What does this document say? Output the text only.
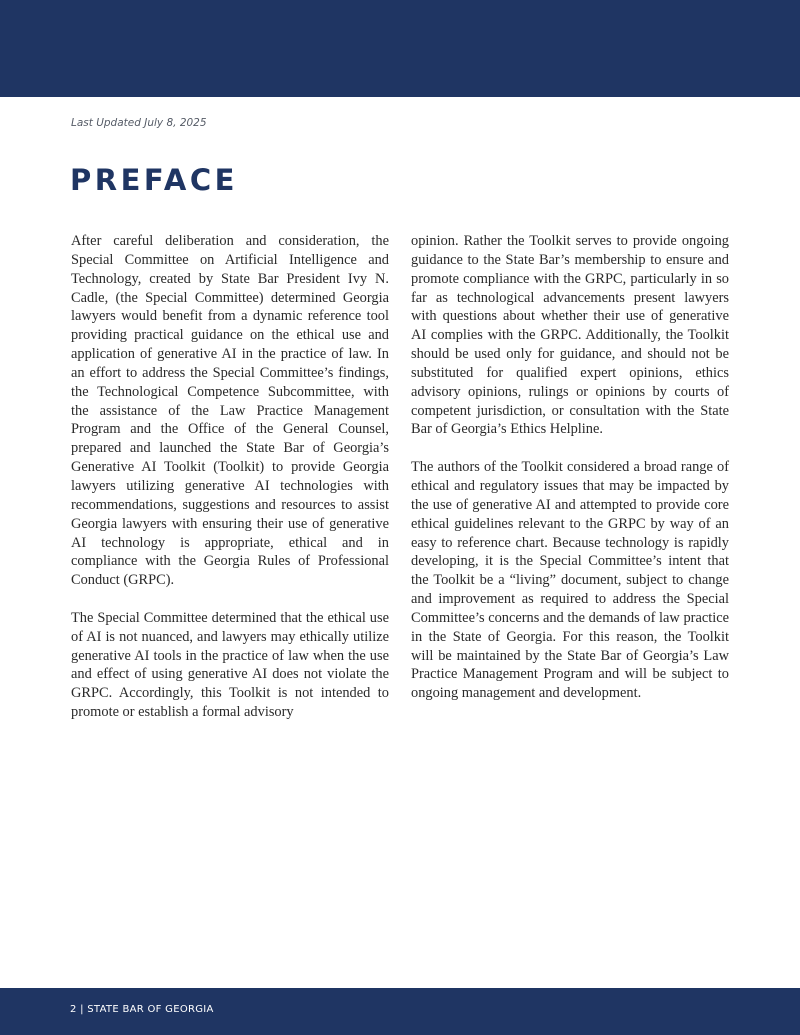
Last Updated July 8, 2025

PREFACE

After careful deliberation and consideration, the Special Committee on Artificial Intelligence and Technology, created by State Bar President Ivy N. Cadle, (the Special Committee) determined Georgia lawyers would benefit from a dynamic reference tool providing practical guidance on the ethical use and application of generative AI in the practice of law. In an effort to address the Special Committee’s findings, the Technological Competence Subcommittee, with the assistance of the Law Practice Management Program and the Office of the General Counsel, prepared and launched the State Bar of Georgia’s Generative AI Toolkit (Toolkit) to provide Georgia lawyers utilizing generative AI technologies with recommendations, suggestions and resources to assist Georgia lawyers with ensuring their use of generative AI technology is appropriate, ethical and in compliance with the Georgia Rules of Professional Conduct (GRPC).

The Special Committee determined that the ethical use of AI is not nuanced, and lawyers may ethically utilize generative AI tools in the practice of law when the use and effect of using generative AI does not violate the GRPC. Accordingly, this Toolkit is not intended to promote or establish a formal advisory

opinion. Rather the Toolkit serves to provide ongoing guidance to the State Bar’s membership to ensure and promote compliance with the GRPC, particularly in so far as technological advancements present lawyers with questions about whether their use of generative AI complies with the GRPC. Additionally, the Toolkit should be used only for guidance, and should not be substituted for qualified expert opinions, ethics advisory opinions, rulings or opinions by courts of competent jurisdiction, or consultation with the State Bar of Georgia’s Ethics Helpline.

The authors of the Toolkit considered a broad range of ethical and regulatory issues that may be impacted by the use of generative AI and attempted to provide core ethical guidelines relevant to the GRPC by way of an easy to reference chart. Because technology is rapidly developing, it is the Special Committee’s intent that the Toolkit be a “living” document, subject to change and improvement as required to address the Special Committee’s concerns and the demands of law practice in the State of Georgia. For this reason, the Toolkit will be maintained by the State Bar of Georgia’s Law Practice Management Program and will be subject to ongoing management and development.

2 | STATE BAR OF GEORGIA
